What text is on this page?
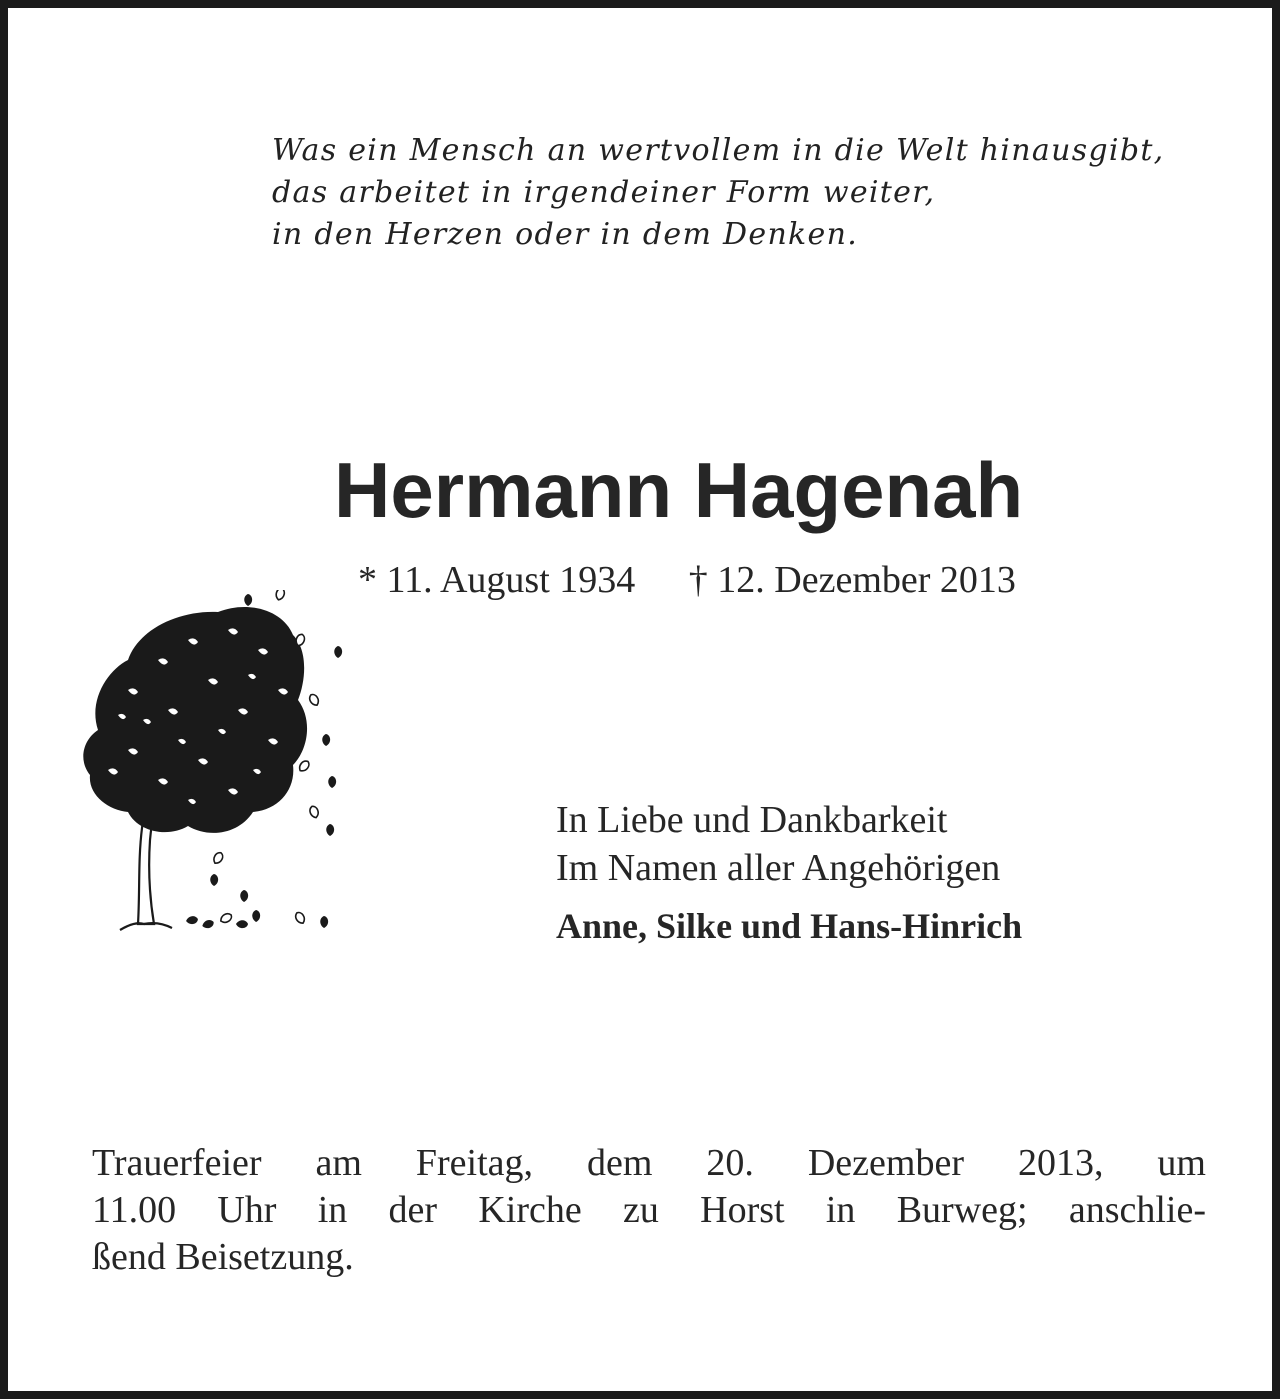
Was ein Mensch an wertvollem in die Welt hinausgibt,
das arbeitet in irgendeiner Form weiter,
in den Herzen oder in dem Denken.

Hermann Hagenah
* 11. August 1934 † 12. Dezember 2013
In Liebe und Dankbarkeit
Im Namen aller Angehörigen
Anne, Silke und Hans-Hinrich

Trauerfeier am Freitag, dem 20. Dezember 2013, um
11.00 Uhr in der Kirche zu Horst in Burweg; anschlie-
ßend Beisetzung.
